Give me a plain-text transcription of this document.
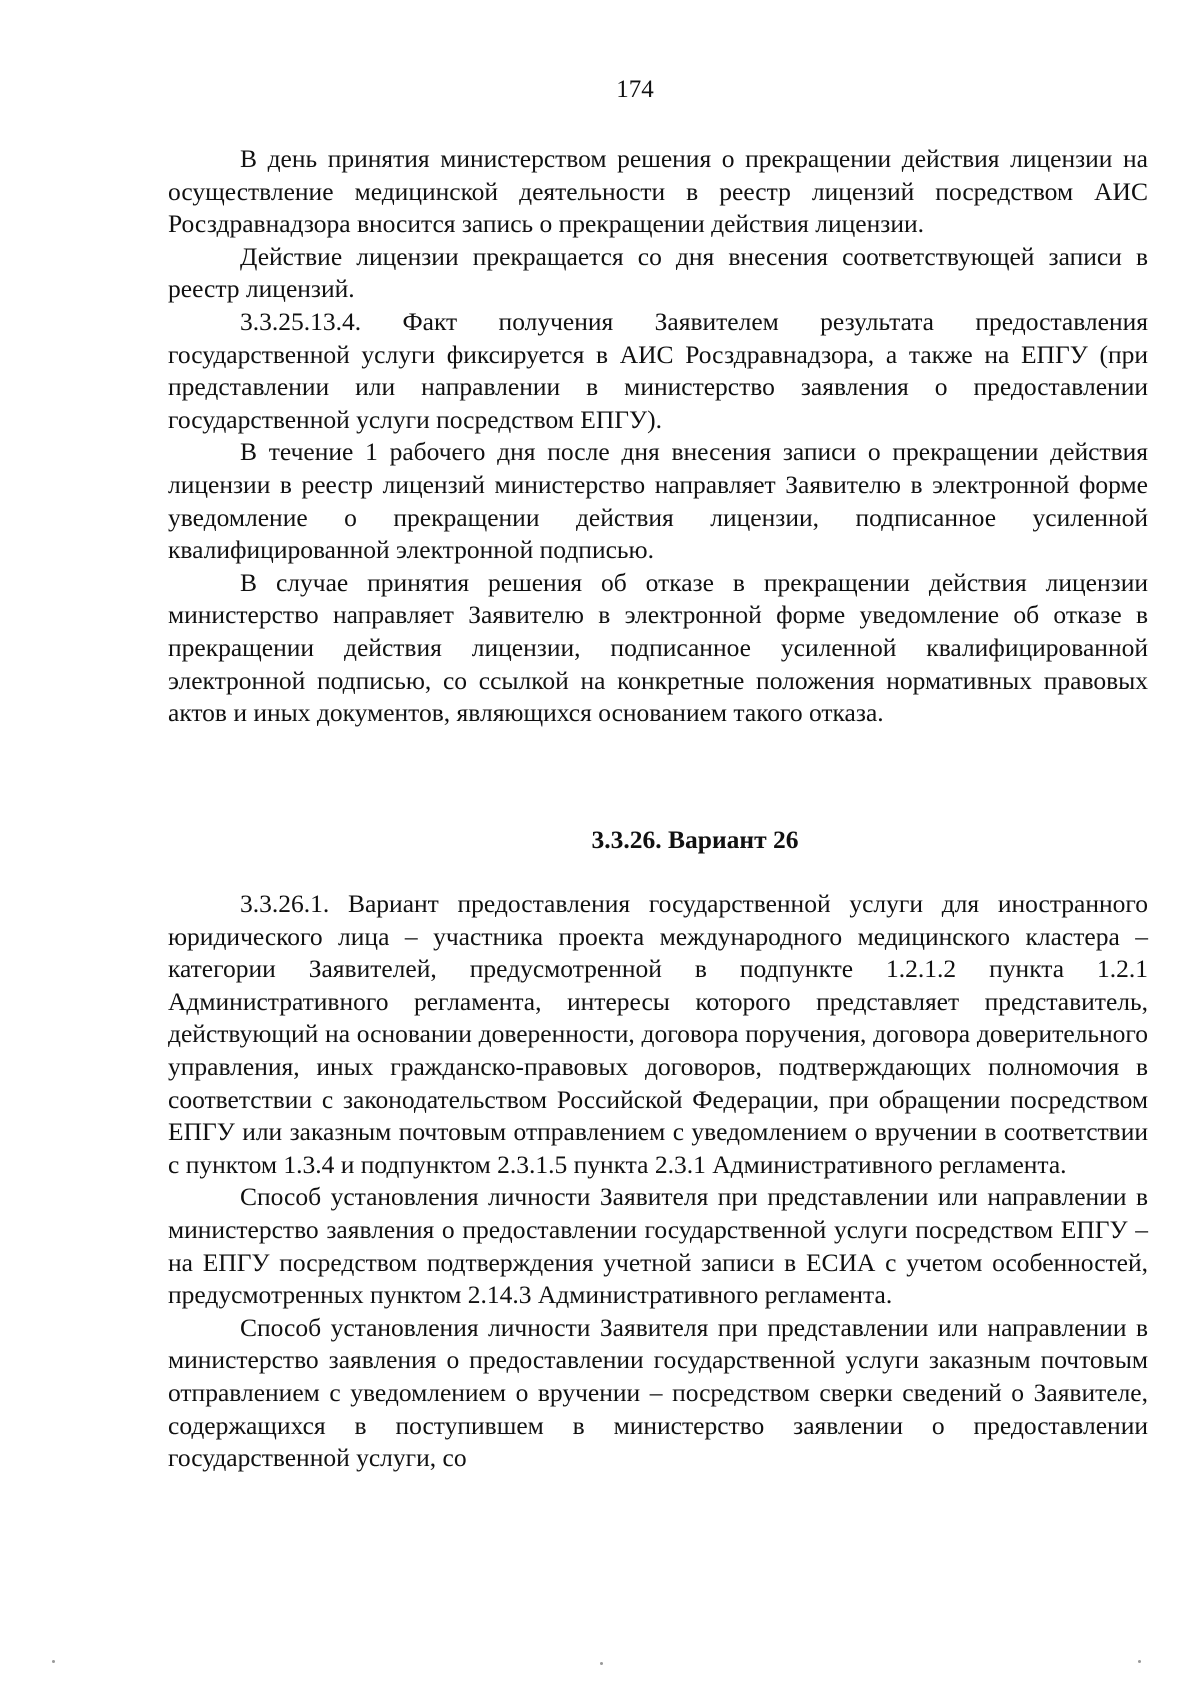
174

В день принятия министерством решения о прекращении действия лицензии на осуществление медицинской деятельности в реестр лицензий посредством АИС Росздравнадзора вносится запись о прекращении действия лицензии.

Действие лицензии прекращается со дня внесения соответствующей записи в реестр лицензий.

3.3.25.13.4. Факт получения Заявителем результата предоставления государственной услуги фиксируется в АИС Росздравнадзора, а также на ЕПГУ (при представлении или направлении в министерство заявления о предоставлении государственной услуги посредством ЕПГУ).

В течение 1 рабочего дня после дня внесения записи о прекращении действия лицензии в реестр лицензий министерство направляет Заявителю в электронной форме уведомление о прекращении действия лицензии, подписанное усиленной квалифицированной электронной подписью.

В случае принятия решения об отказе в прекращении действия лицензии министерство направляет Заявителю в электронной форме уведомление об отказе в прекращении действия лицензии, подписанное усиленной квалифицированной электронной подписью, со ссылкой на конкретные положения нормативных правовых актов и иных документов, являющихся основанием такого отказа.

3.3.26. Вариант 26

3.3.26.1. Вариант предоставления государственной услуги для иностранного юридического лица – участника проекта международного медицинского кластера – категории Заявителей, предусмотренной в подпункте 1.2.1.2 пункта 1.2.1 Административного регламента, интересы которого представляет представитель, действующий на основании доверенности, договора поручения, договора доверительного управления, иных гражданско-правовых договоров, подтверждающих полномочия в соответствии с законодательством Российской Федерации, при обращении посредством ЕПГУ или заказным почтовым отправлением с уведомлением о вручении в соответствии с пунктом 1.3.4 и подпунктом 2.3.1.5 пункта 2.3.1 Административного регламента.

Способ установления личности Заявителя при представлении или направлении в министерство заявления о предоставлении государственной услуги посредством ЕПГУ – на ЕПГУ посредством подтверждения учетной записи в ЕСИА с учетом особенностей, предусмотренных пунктом 2.14.3 Административного регламента.

Способ установления личности Заявителя при представлении или направлении в министерство заявления о предоставлении государственной услуги заказным почтовым отправлением с уведомлением о вручении – посредством сверки сведений о Заявителе, содержащихся в поступившем в министерство заявлении о предоставлении государственной услуги, со
